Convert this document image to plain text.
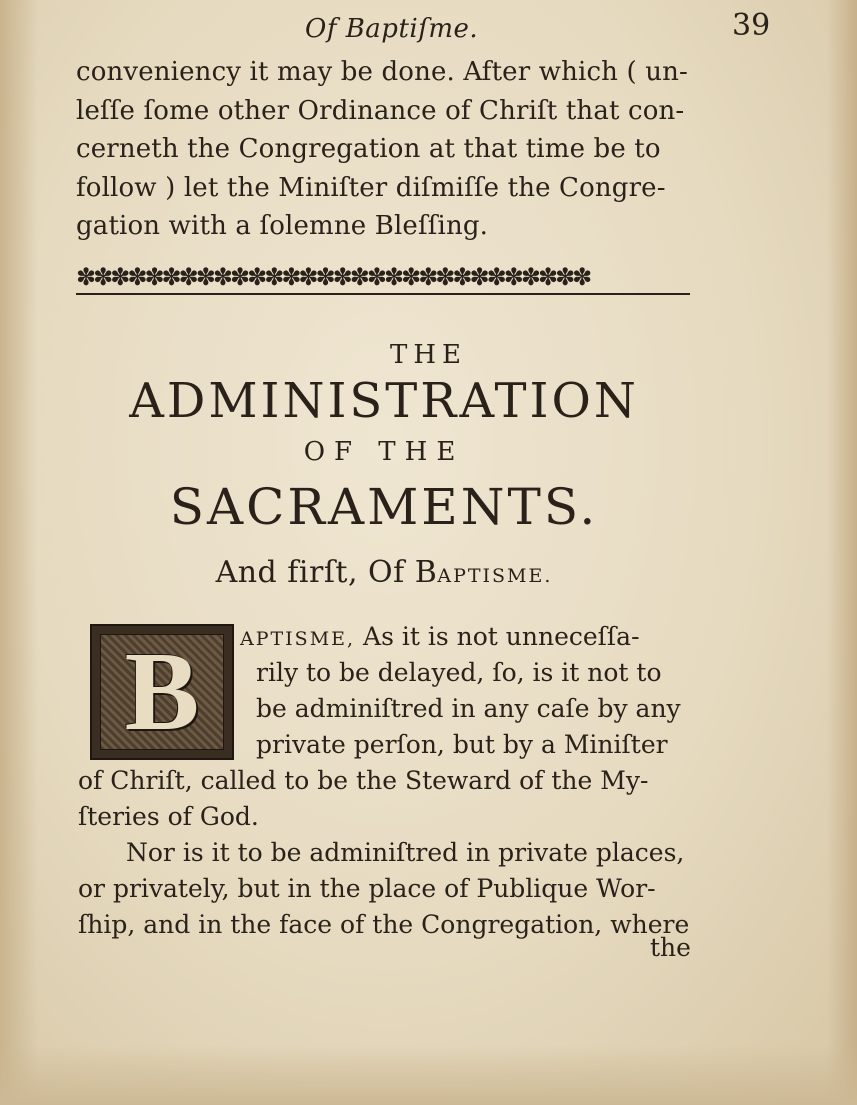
Of Baptiſme.	39
conveniency it may be done. After which ( un-
leſſe ſome other Ordinance of Chriſt that con-
cerneth the Congregation at that time be to
follow ) let the Miniſter diſmiſſe the Congre-
gation with a ſolemne Bleſſing.
✽✽✽✽✽✽✽✽✽✽✽✽✽✽✽✽✽✽✽✽✽✽✽✽✽✽✽✽✽✽
THE
ADMINISTRATION
OF THE
SACRAMENTS.
And firſt, Of BAPTISME.
B	APTISME, As it is not unneceſſa-
rily to be delayed, ſo, is it not to
be adminiſtred in any caſe by any
private perſon, but by a Miniſter
of Chriſt, called to be the Steward of the My-
ſteries of God.
Nor is it to be adminiſtred in private places,
or privately, but in the place of Publique Wor-
ſhip, and in the face of the Congregation, where
the
